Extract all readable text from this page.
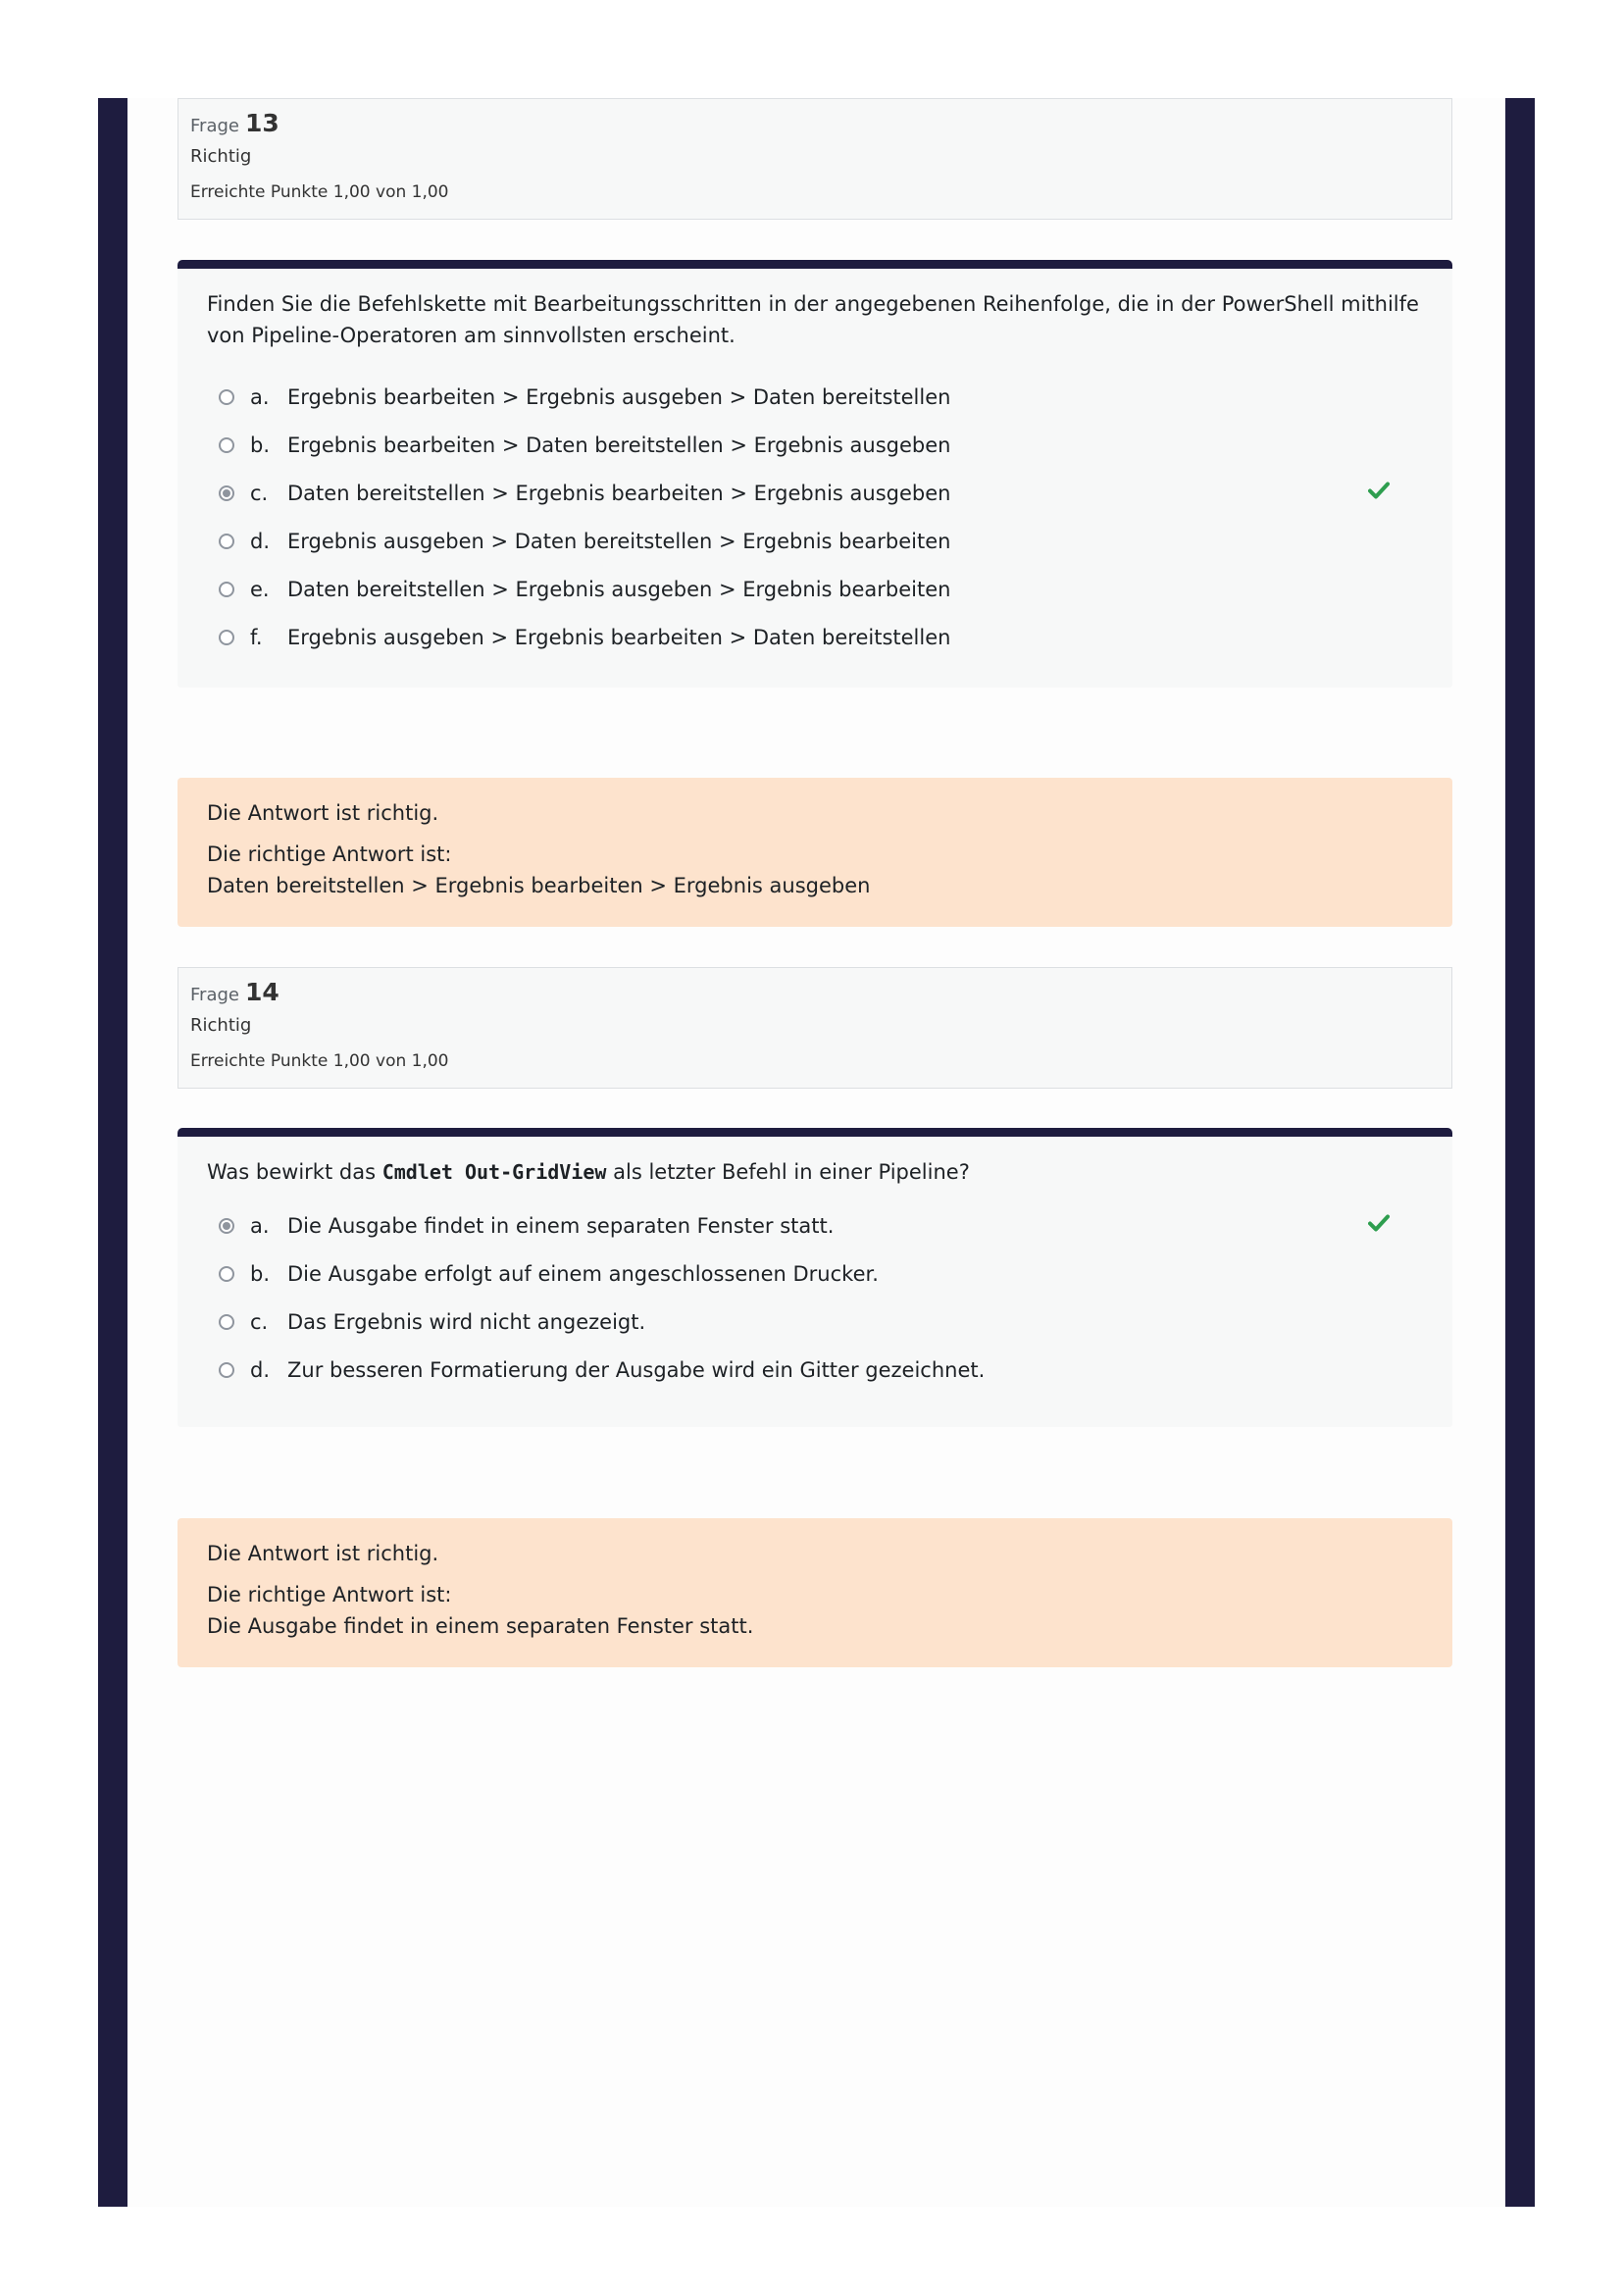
Frage 13
Richtig
Erreichte Punkte 1,00 von 1,00

Finden Sie die Befehlskette mit Bearbeitungsschritten in der angegebenen Reihenfolge, die in der PowerShell mithilfe von Pipeline-Operatoren am sinnvollsten erscheint.

a. Ergebnis bearbeiten > Ergebnis ausgeben > Daten bereitstellen
b. Ergebnis bearbeiten > Daten bereitstellen > Ergebnis ausgeben
c. Daten bereitstellen > Ergebnis bearbeiten > Ergebnis ausgeben
d. Ergebnis ausgeben > Daten bereitstellen > Ergebnis bearbeiten
e. Daten bereitstellen > Ergebnis ausgeben > Ergebnis bearbeiten
f.	Ergebnis ausgeben > Ergebnis bearbeiten > Daten bereitstellen
Die Antwort ist richtig.
Die richtige Antwort ist:
Daten bereitstellen > Ergebnis bearbeiten > Ergebnis ausgeben
Frage 14
Richtig
Erreichte Punkte 1,00 von 1,00

Was bewirkt das Cmdlet Out-GridView als letzter Befehl in einer Pipeline?

a. Die Ausgabe findet in einem separaten Fenster statt.
b. Die Ausgabe erfolgt auf einem angeschlossenen Drucker.
c. Das Ergebnis wird nicht angezeigt.
d. Zur besseren Formatierung der Ausgabe wird ein Gitter gezeichnet.
Die Antwort ist richtig.
Die richtige Antwort ist:
Die Ausgabe findet in einem separaten Fenster statt.
